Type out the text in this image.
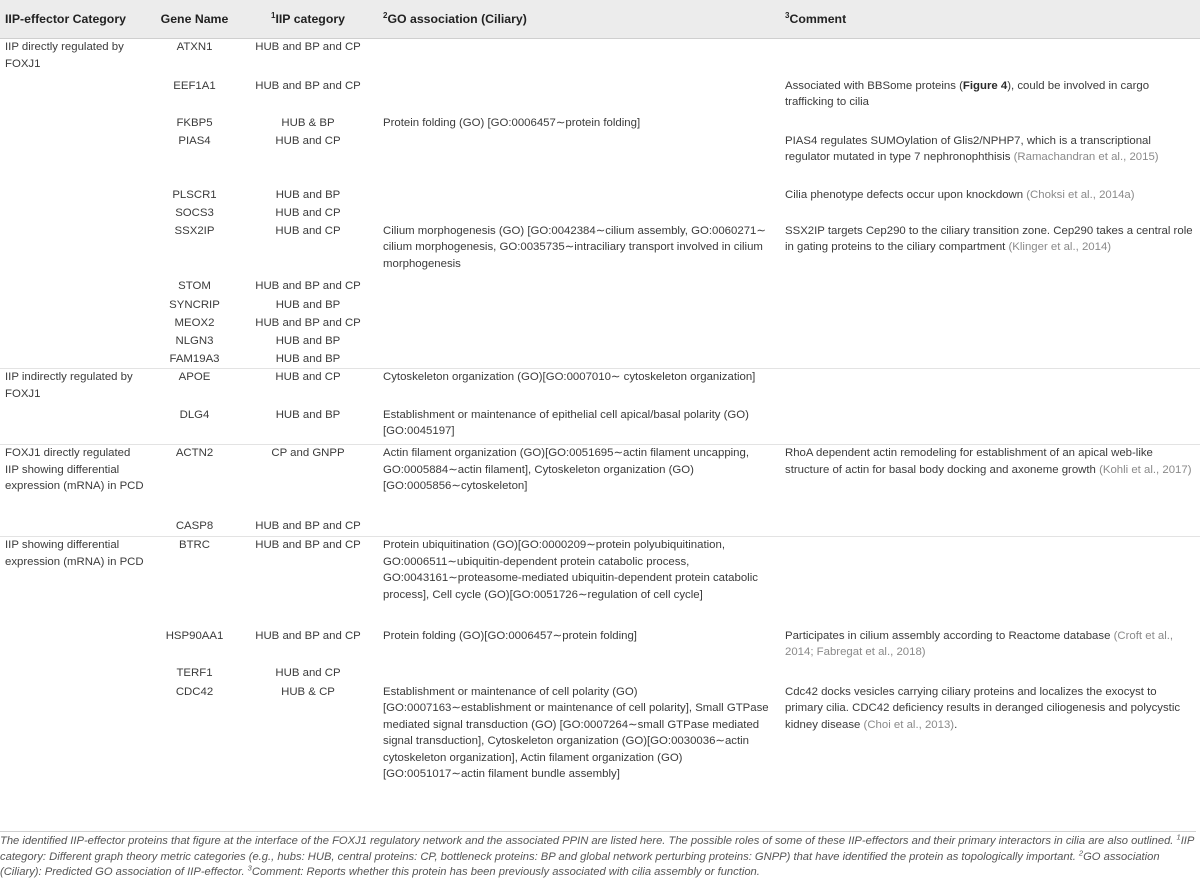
IIP-effector Category	Gene Name	$^1$IIP category	$^2$GO association (Ciliary)	$^3$Comment
IIP directly regulated by FOXJ1	ATXN1	HUB and BP and CP		
	EEF1A1	HUB and BP and CP		Associated with BBSome proteins (Figure 4), could be involved in cargo trafficking to cilia
	FKBP5	HUB & BP	Protein folding (GO) [GO:0006457∼protein folding]	
	PIAS4	HUB and CP		PIAS4 regulates SUMOylation of Glis2/NPHP7, which is a transcriptional regulator mutated in type 7 nephronophthisis (Ramachandran et al., 2015)
	PLSCR1	HUB and BP		Cilia phenotype defects occur upon knockdown (Choksi et al., 2014a)
	SOCS3	HUB and CP		
	SSX2IP	HUB and CP	Cilium morphogenesis (GO) [GO:0042384∼cilium assembly, GO:0060271∼ cilium morphogenesis, GO:0035735∼intraciliary transport involved in cilium morphogenesis	SSX2IP targets Cep290 to the ciliary transition zone. Cep290 takes a central role in gating proteins to the ciliary compartment (Klinger et al., 2014)
	STOM	HUB and BP and CP		
	SYNCRIP	HUB and BP		
	MEOX2	HUB and BP and CP		
	NLGN3	HUB and BP		
	FAM19A3	HUB and BP		
IIP indirectly regulated by FOXJ1	APOE	HUB and CP	Cytoskeleton organization (GO)[GO:0007010∼ cytoskeleton organization]	
	DLG4	HUB and BP	Establishment or maintenance of epithelial cell apical/basal polarity (GO) [GO:0045197]	
FOXJ1 directly regulated IIP showing differential expression (mRNA) in PCD	ACTN2	CP and GNPP	Actin filament organization (GO)[GO:0051695∼actin filament uncapping, GO:0005884∼actin filament], Cytoskeleton organization (GO) [GO:0005856∼cytoskeleton]	RhoA dependent actin remodeling for establishment of an apical web-like structure of actin for basal body docking and axoneme growth (Kohli et al., 2017)
	CASP8	HUB and BP and CP		
IIP showing differential expression (mRNA) in PCD	BTRC	HUB and BP and CP	Protein ubiquitination (GO)[GO:0000209∼protein polyubiquitination, GO:0006511∼ubiquitin-dependent protein catabolic process, GO:0043161∼proteasome-mediated ubiquitin-dependent protein catabolic process], Cell cycle (GO)[GO:0051726∼regulation of cell cycle]	
	HSP90AA1	HUB and BP and CP	Protein folding (GO)[GO:0006457∼protein folding]	Participates in cilium assembly according to Reactome database (Croft et al., 2014; Fabregat et al., 2018)
	TERF1	HUB and CP		
	CDC42	HUB & CP	Establishment or maintenance of cell polarity (GO)[GO:0007163∼establishment or maintenance of cell polarity], Small GTPase mediated signal transduction (GO) [GO:0007264∼small GTPase mediated signal transduction], Cytoskeleton organization (GO)[GO:0030036∼actin cytoskeleton organization], Actin filament organization (GO) [GO:0051017∼actin filament bundle assembly]	Cdc42 docks vesicles carrying ciliary proteins and localizes the exocyst to primary cilia. CDC42 deficiency results in deranged ciliogenesis and polycystic kidney disease (Choi et al., 2013).
The identified IIP-effector proteins that figure at the interface of the FOXJ1 regulatory network and the associated PPIN are listed here. The possible roles of some of these IIP-effectors and their primary interactors in cilia are also outlined. $^1$IIP category: Different graph theory metric categories (e.g., hubs: HUB, central proteins: CP, bottleneck proteins: BP and global network perturbing proteins: GNPP) that have identified the protein as topologically important. $^2$GO association (Ciliary): Predicted GO association of IIP-effector. $^3$Comment: Reports whether this protein has been previously associated with cilia assembly or function.
